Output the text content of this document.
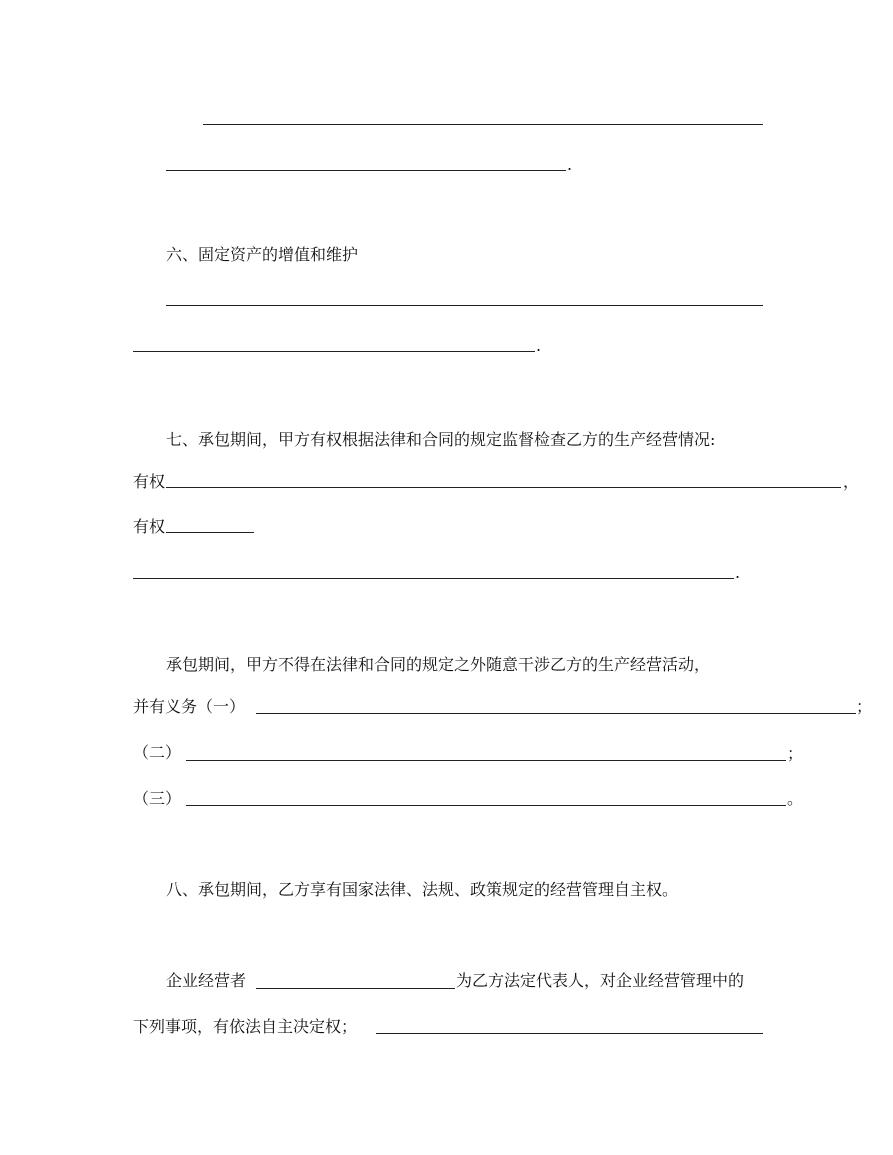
.
六、固定资产的增值和维护
.
七、承包期间，甲方有权根据法律和合同的规定监督检查乙方的生产经营情况:
有权	，
有权
.
承包期间，甲方不得在法律和合同的规定之外随意干涉乙方的生产经营活动，
并有义务（一）	；
（二）	；
（三）	。
八、承包期间，乙方享有国家法律、法规、政策规定的经营管理自主权。
企业经营者	为乙方法定代表人，对企业经营管理中的
下列事项，有依法自主决定权；
